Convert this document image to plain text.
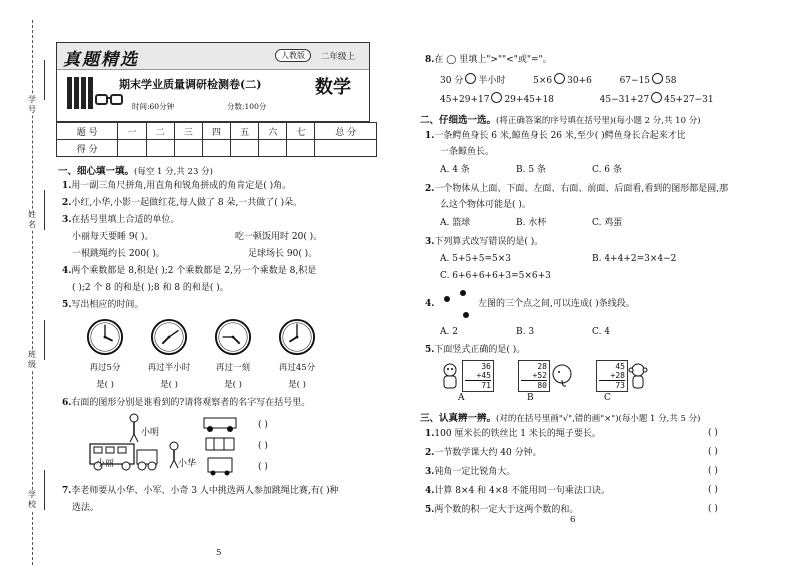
学号
姓名
班级
学校
真题精选	人教版	二年级上
期末学业质量调研检测卷(二)	数学
时间:60分钟	分数:100分
题 号	一	二	三	四	五	六	七	总 分
得 分								
一、细心填一填。(每空 1 分,共 23 分)
1.用一副三角尺拼角,用直角和锐角拼成的角肯定是( )角。
2.小红,小华,小影一起做红花,每人做了 8 朵,一共做了( )朵。
3.在括号里填上合适的单位。
小丽每天要睡 9( )。	吃一顿饭用时 20( )。
一根跳绳约长 200( )。	足球场长 90( )。
4.两个乘数都是 8,积是( );2 个乘数都是 2,另一个乘数是 8,积是
( );2 个 8 的和是( );8 和 8 的和是( )。
5.写出相应的时间。
再过5分	再过半小时	再过一刻	再过45分
是( )	是( )	是( )	是( )
6.右面的图形分别是谁看到的?请将观察者的名字写在括号里。
小明
小丽	小华
( )
( )
( )
7.李老师要从小华、小军、小奇 3 人中挑选两人参加跳绳比赛,有( )种
选法。
5
8.在 ◯ 里填上">""<"或"="。
30 分 半小时	5×6 30+6	67−15 58
45+29+17 29+45+18	45−31+27 45+27−31
二、仔细选一选。(将正确答案的序号填在括号里)(每小题 2 分,共 10 分)
1.一条鳄鱼身长 6 米,鲸鱼身长 26 米,至少( )鳄鱼身长合起来才比
一条鲸鱼长。
A. 4 条	B. 5 条	C. 6 条
2.一个物体从上面、下面、左面、右面、前面、后面看,看到的图形都是圆,那
么这个物体可能是( )。
A. 篮球	B. 水杯	C. 鸡蛋
3.下列算式改写错误的是( )。
A. 5+5+5=5×3	B. 4+4+2=3×4−2
C. 6+6+6+6+3=5×6+3
4.	左图的三个点之间,可以连成( )条线段。
A. 2	B. 3	C. 4
5.下面竖式正确的是( )。
36
+45
71
A
28
+52
80
B
45
+28
73
C
三、认真辨一辨。(对的在括号里画"√",错的画"×")(每小题 1 分,共 5 分)
1.100 厘米长的铁丝比 1 米长的绳子要长。	( )
2.一节数学课大约 40 分钟。	( )
3.钝角一定比锐角大。	( )
4.计算 8×4 和 4×8 不能用同一句乘法口诀。	( )
5.两个数的积一定大于这两个数的和。	( )
6
